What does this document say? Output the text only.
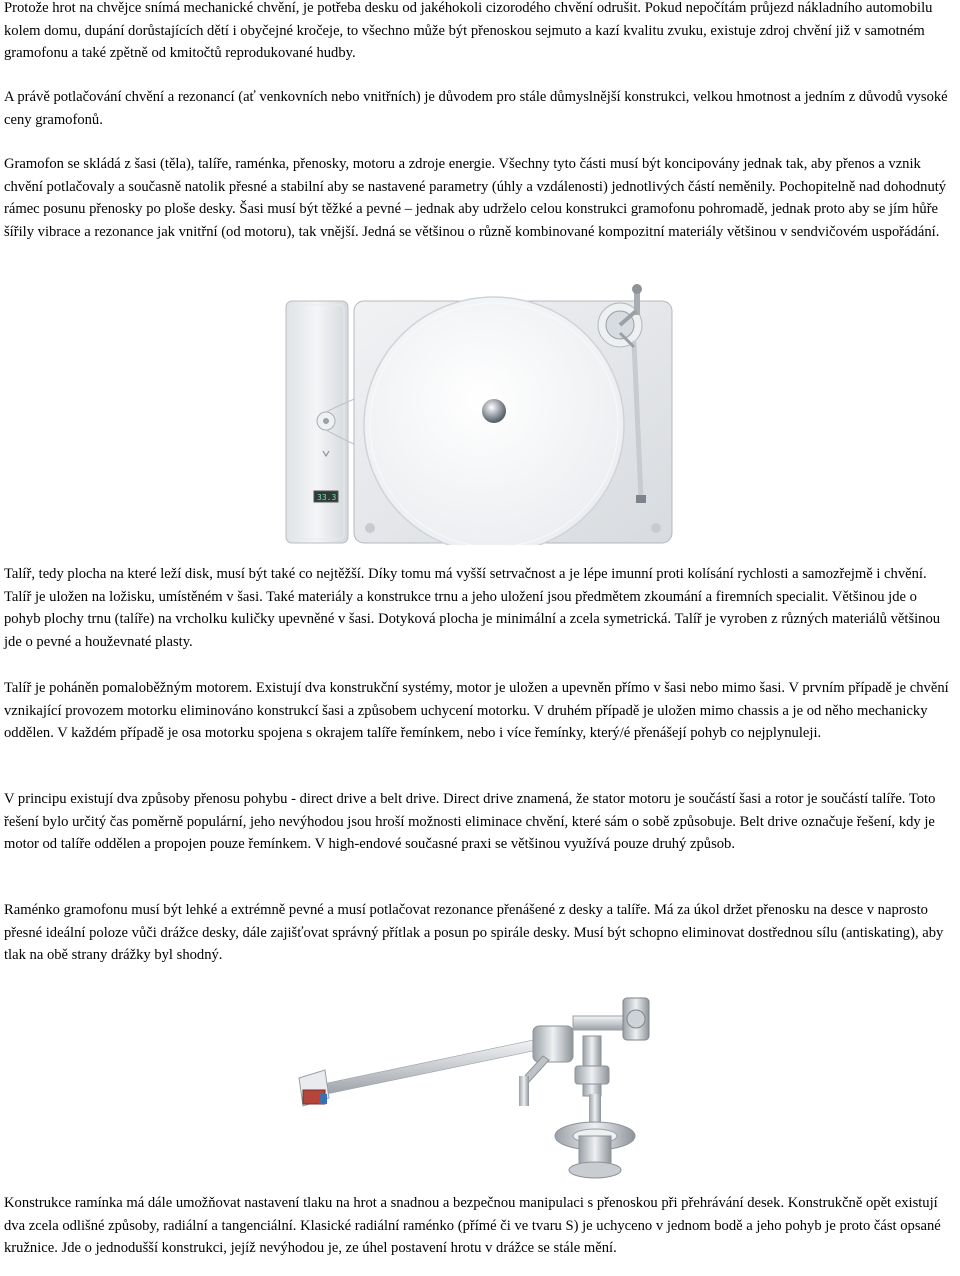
Protože hrot na chvějce snímá mechanické chvění, je potřeba desku od jakéhokoli cizorodého chvění odrušit. Pokud nepočítám průjezd nákladního automobilu kolem domu, dupání dorůstajících dětí i obyčejné kročeje, to všechno může být přenoskou sejmuto a kazí kvalitu zvuku, existuje zdroj chvění již v samotném gramofonu a také zpětně od kmitočtů reprodukované hudby.

A právě potlačování chvění a rezonancí (ať venkovních nebo vnitřních) je důvodem pro stále důmyslnější konstrukci, velkou hmotnost a jedním z důvodů vysoké ceny gramofonů.

Gramofon se skládá z šasi (těla), talíře, raménka, přenosky, motoru a zdroje energie. Všechny tyto části musí být koncipovány jednak tak, aby přenos a vznik chvění potlačovaly a současně natolik přesné a stabilní aby se nastavené parametry (úhly a vzdálenosti) jednotlivých částí neměnily. Pochopitelně nad dohodnutý rámec posunu přenosky po ploše desky. Šasi musí být těžké a pevné – jednak aby udrželo celou konstrukci gramofonu pohromadě, jednak proto aby se jím hůře šířily vibrace a rezonance jak vnitřní (od motoru), tak vnější. Jedná se většinou o různě kombinované kompozitní materiály většinou v sendvičovém uspořádání.

33.3

Talíř, tedy plocha na které leží disk, musí být také co nejtěžší. Díky tomu má vyšší setrvačnost a je lépe imunní proti kolísání rychlosti a samozřejmě i chvění. Talíř je uložen na ložisku, umístěném v šasi. Také materiály a konstrukce trnu a jeho uložení jsou předmětem zkoumání a firemních specialit. Většinou jde o pohyb plochy trnu (talíře) na vrcholku kuličky upevněné v šasi. Dotyková plocha je minimální a zcela symetrická. Talíř je vyroben z různých materiálů většinou jde o pevné a houževnaté plasty.

Talíř je poháněn pomaloběžným motorem. Existují dva konstrukční systémy, motor je uložen a upevněn přímo v šasi nebo mimo šasi. V prvním případě je chvění vznikající provozem motorku eliminováno konstrukcí šasi a způsobem uchycení motorku. V druhém případě je uložen mimo chassis a je od něho mechanicky oddělen. V každém případě je osa motorku spojena s okrajem talíře řemínkem, nebo i více řemínky, který/é přenášejí pohyb co nejplynuleji.

V principu existují dva způsoby přenosu pohybu - direct drive a belt drive. Direct drive znamená, že stator motoru je součástí šasi a rotor je součástí talíře. Toto řešení bylo určitý čas poměrně populární, jeho nevýhodou jsou hroší možnosti eliminace chvění, které sám o sobě způsobuje. Belt drive označuje řešení, kdy je motor od talíře oddělen a propojen pouze řemínkem. V high-endové současné praxi se většinou využívá pouze druhý způsob.

Raménko gramofonu musí být lehké a extrémně pevné a musí potlačovat rezonance přenášené z desky a talíře. Má za úkol držet přenosku na desce v naprosto přesné ideální poloze vůči drážce desky, dále zajišťovat správný přítlak a posun po spirále desky. Musí být schopno eliminovat dostřednou sílu (antiskating), aby tlak na obě strany drážky byl shodný.

Konstrukce ramínka má dále umožňovat nastavení tlaku na hrot a snadnou a bezpečnou manipulaci s přenoskou při přehrávání desek. Konstrukčně opět existují dva zcela odlišné způsoby, radiální a tangenciální. Klasické radiální raménko (přímé či ve tvaru S) je uchyceno v jednom bodě a jeho pohyb je proto část opsané kružnice. Jde o jednodušší konstrukci, jejíž nevýhodou je, ze úhel postavení hrotu v drážce se stále mění.
